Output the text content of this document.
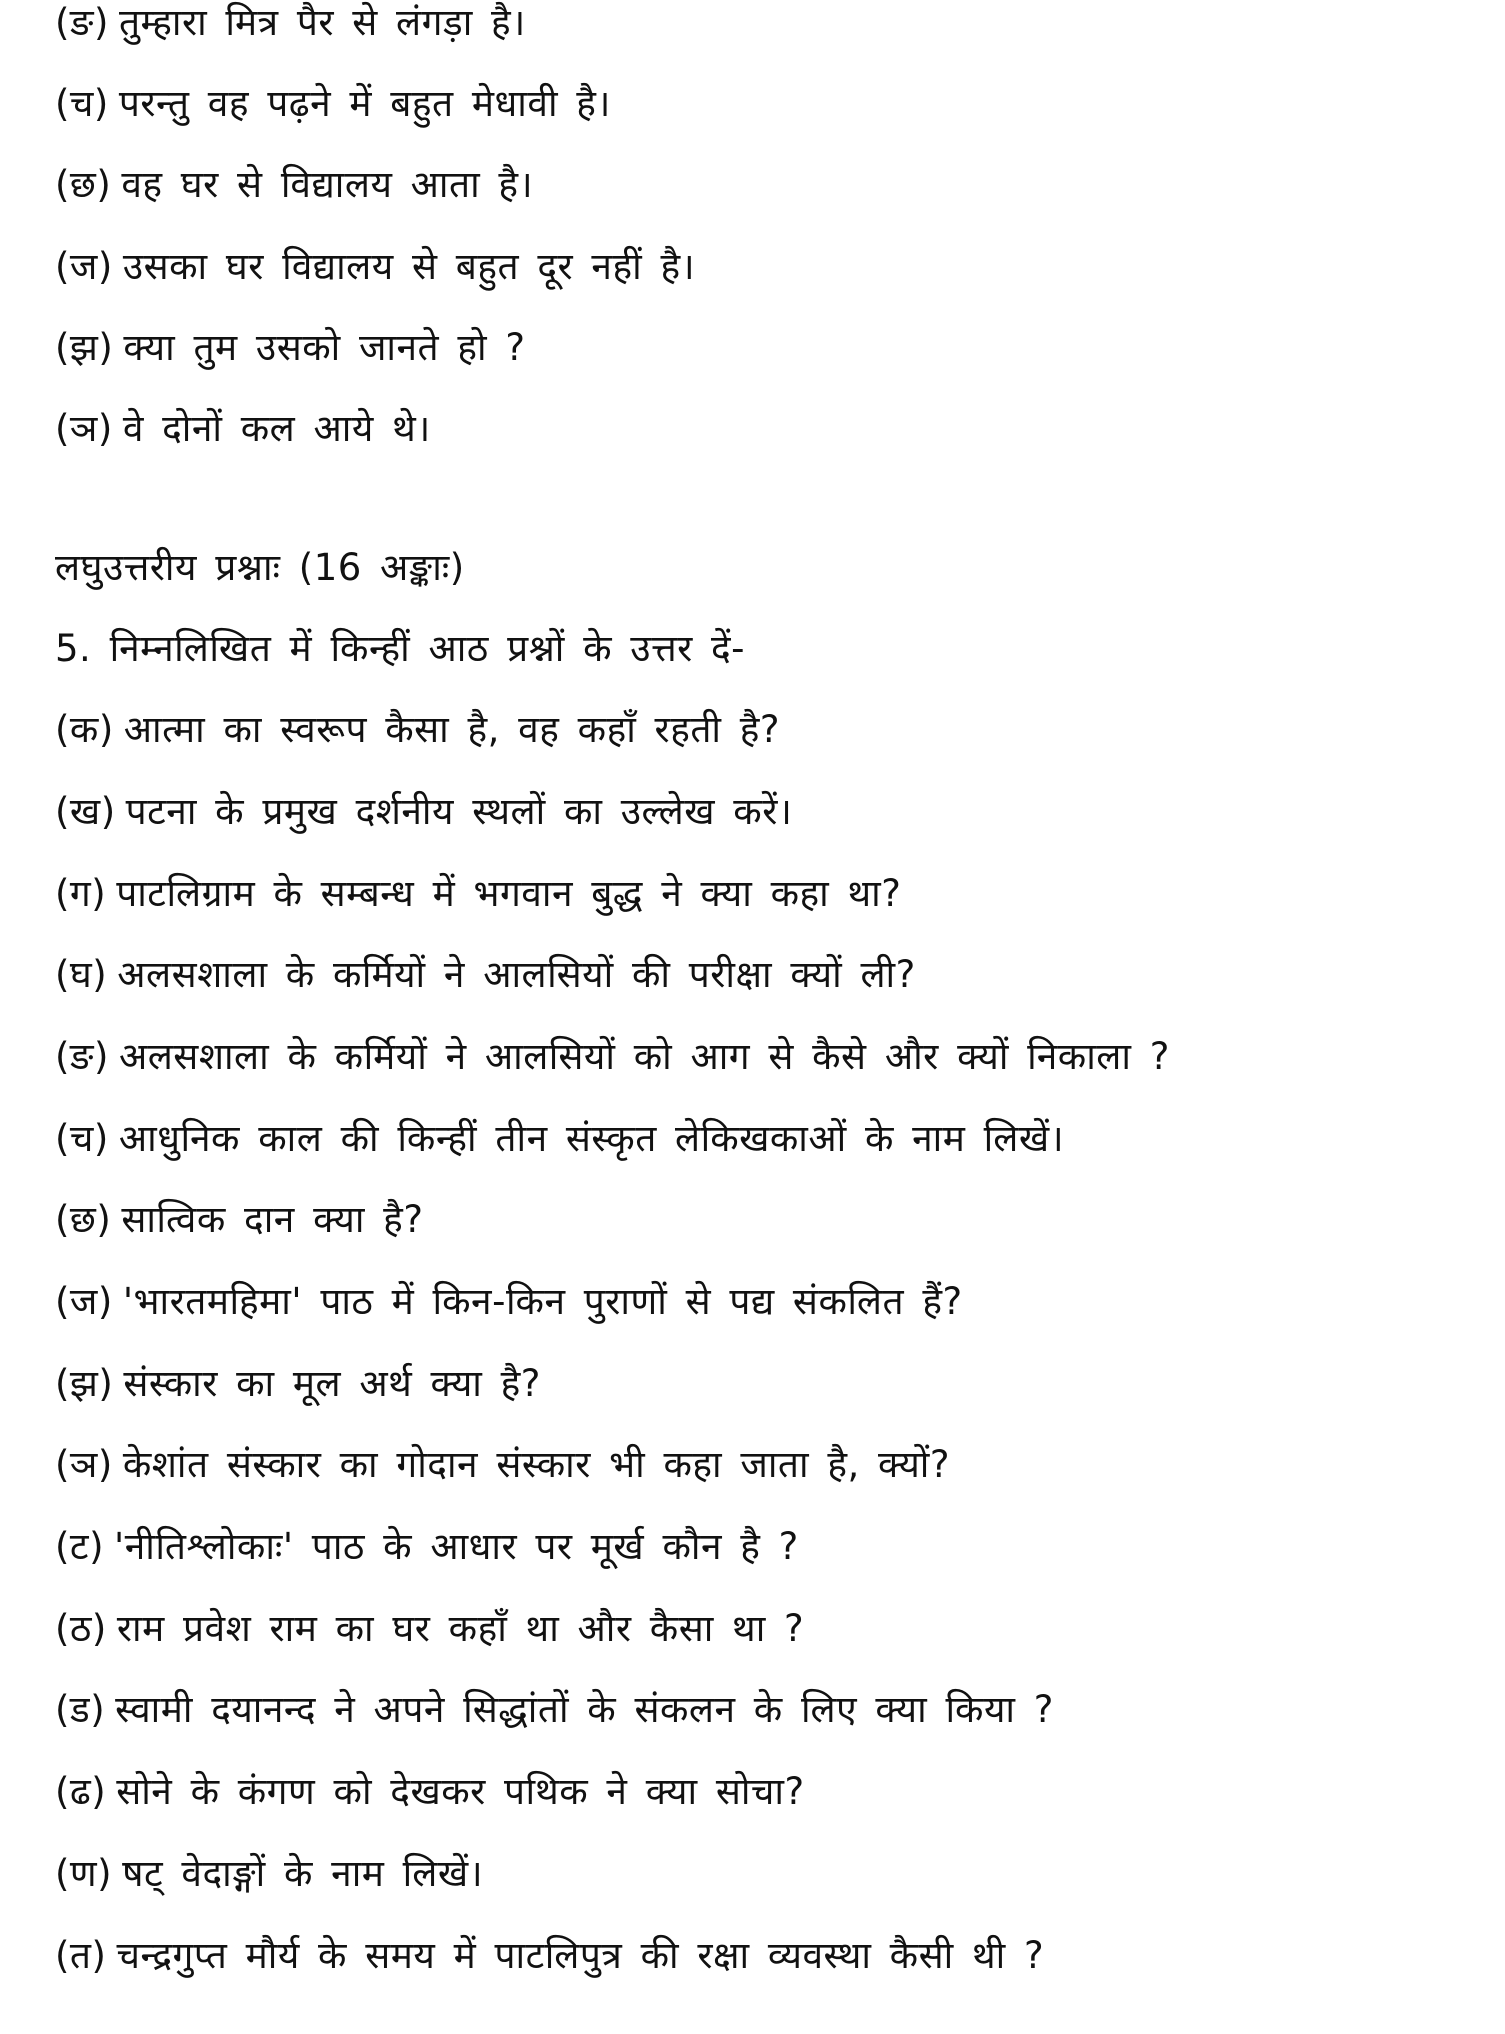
(ङ) तुम्हारा मित्र पैर से लंगड़ा है।
(च) परन्तु वह पढ़ने में बहुत मेधावी है।
(छ) वह घर से विद्यालय आता है।
(ज) उसका घर विद्यालय से बहुत दूर नहीं है।
(झ) क्या तुम उसको जानते हो ?
(ञ) वे दोनों कल आये थे।
लघुउत्तरीय प्रश्नाः (16 अङ्काः)
5. निम्नलिखित में किन्हीं आठ प्रश्नों के उत्तर दें-
(क) आत्मा का स्वरूप कैसा है, वह कहाँ रहती है?
(ख) पटना के प्रमुख दर्शनीय स्थलों का उल्लेख करें।
(ग) पाटलिग्राम के सम्बन्ध में भगवान बुद्ध ने क्या कहा था?
(घ) अलसशाला के कर्मियों ने आलसियों की परीक्षा क्यों ली?
(ङ) अलसशाला के कर्मियों ने आलसियों को आग से कैसे और क्यों निकाला ?
(च) आधुनिक काल की किन्हीं तीन संस्कृत लेकिखकाओं के नाम लिखें।
(छ) सात्विक दान क्या है?
(ज) 'भारतमहिमा' पाठ में किन-किन पुराणों से पद्य संकलित हैं?
(झ) संस्कार का मूल अर्थ क्या है?
(ञ) केशांत संस्कार का गोदान संस्कार भी कहा जाता है, क्यों?
(ट) 'नीतिश्लोकाः' पाठ के आधार पर मूर्ख कौन है ?
(ठ) राम प्रवेश राम का घर कहाँ था और कैसा था ?
(ड) स्वामी दयानन्द ने अपने सिद्धांतों के संकलन के लिए क्या किया ?
(ढ) सोने के कंगण को देखकर पथिक ने क्या सोचा?
(ण) षट् वेदाङ्गों के नाम लिखें।
(त) चन्द्रगुप्त मौर्य के समय में पाटलिपुत्र की रक्षा व्यवस्था कैसी थी ?
